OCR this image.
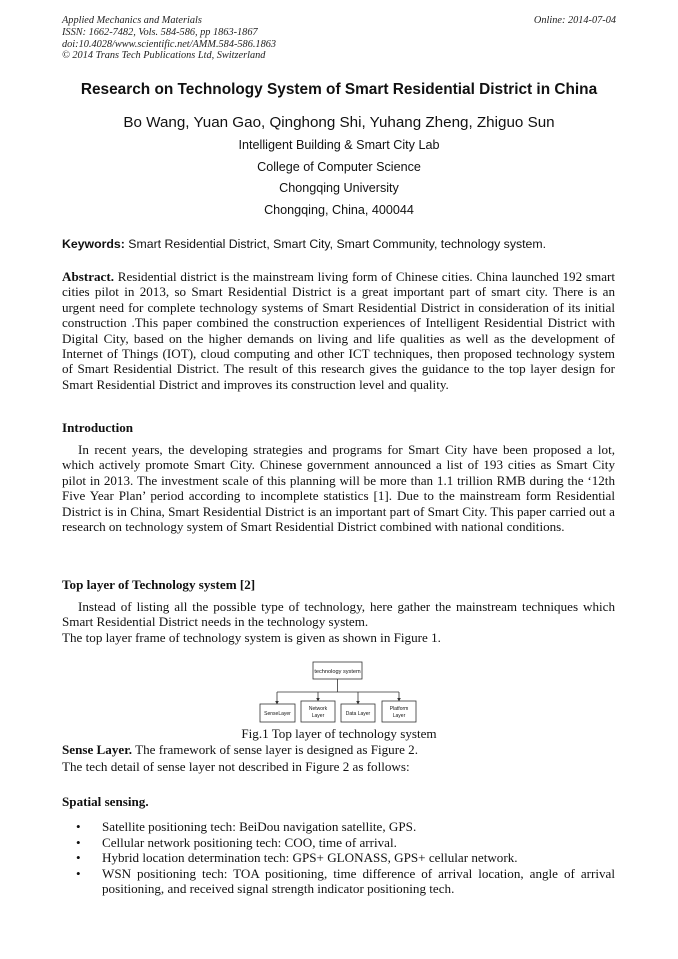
Applied Mechanics and Materials
ISSN: 1662-7482, Vols. 584-586, pp 1863-1867
doi:10.4028/www.scientific.net/AMM.584-586.1863
© 2014 Trans Tech Publications Ltd, Switzerland
Online: 2014-07-04
Research on Technology System of Smart Residential District in China
Bo Wang, Yuan Gao, Qinghong Shi, Yuhang Zheng, Zhiguo Sun
Intelligent Building & Smart City Lab
College of Computer Science
Chongqing University
Chongqing, China, 400044
Keywords: Smart Residential District, Smart City, Smart Community, technology system.

Abstract. Residential district is the mainstream living form of Chinese cities. China launched 192 smart cities pilot in 2013, so Smart Residential District is a great important part of smart city. There is an urgent need for complete technology systems of Smart Residential District in consideration of its initial construction .This paper combined the construction experiences of Intelligent Residential District with Digital City, based on the higher demands on living and life qualities as well as the development of Internet of Things (IOT), cloud computing and other ICT techniques, then proposed technology system of Smart Residential District. The result of this research gives the guidance to the top layer design for Smart Residential District and improves its construction level and quality.

Introduction

In recent years, the developing strategies and programs for Smart City have been proposed a lot, which actively promote Smart City. Chinese government announced a list of 193 cities as Smart City pilot in 2013. The investment scale of this planning will be more than 1.1 trillion RMB during the ‘12th Five Year Plan’ period according to incomplete statistics [1]. Due to the mainstream form Residential District is in China, Smart Residential District is an important part of Smart City. This paper carried out a research on technology system of Smart Residential District combined with national conditions.

Top layer of Technology system [2]

Instead of listing all the possible type of technology, here gather the mainstream techniques which Smart Residential District needs in the technology system.

The top layer frame of technology system is given as shown in Figure 1.
technology system
SenseLayer
Network
Layer	Data Layer
Platform
Layer
Fig.1 Top layer of technology system
Sense Layer. The framework of sense layer is designed as Figure 2.
The tech detail of sense layer not described in Figure 2 as follows:
Spatial sensing.
• Satellite positioning tech: BeiDou navigation satellite, GPS.
• Cellular network positioning tech: COO, time of arrival.
• Hybrid location determination tech: GPS+ GLONASS, GPS+ cellular network.
• WSN positioning tech: TOA positioning, time difference of arrival location, angle of arrival positioning, and received signal strength indicator positioning tech.
